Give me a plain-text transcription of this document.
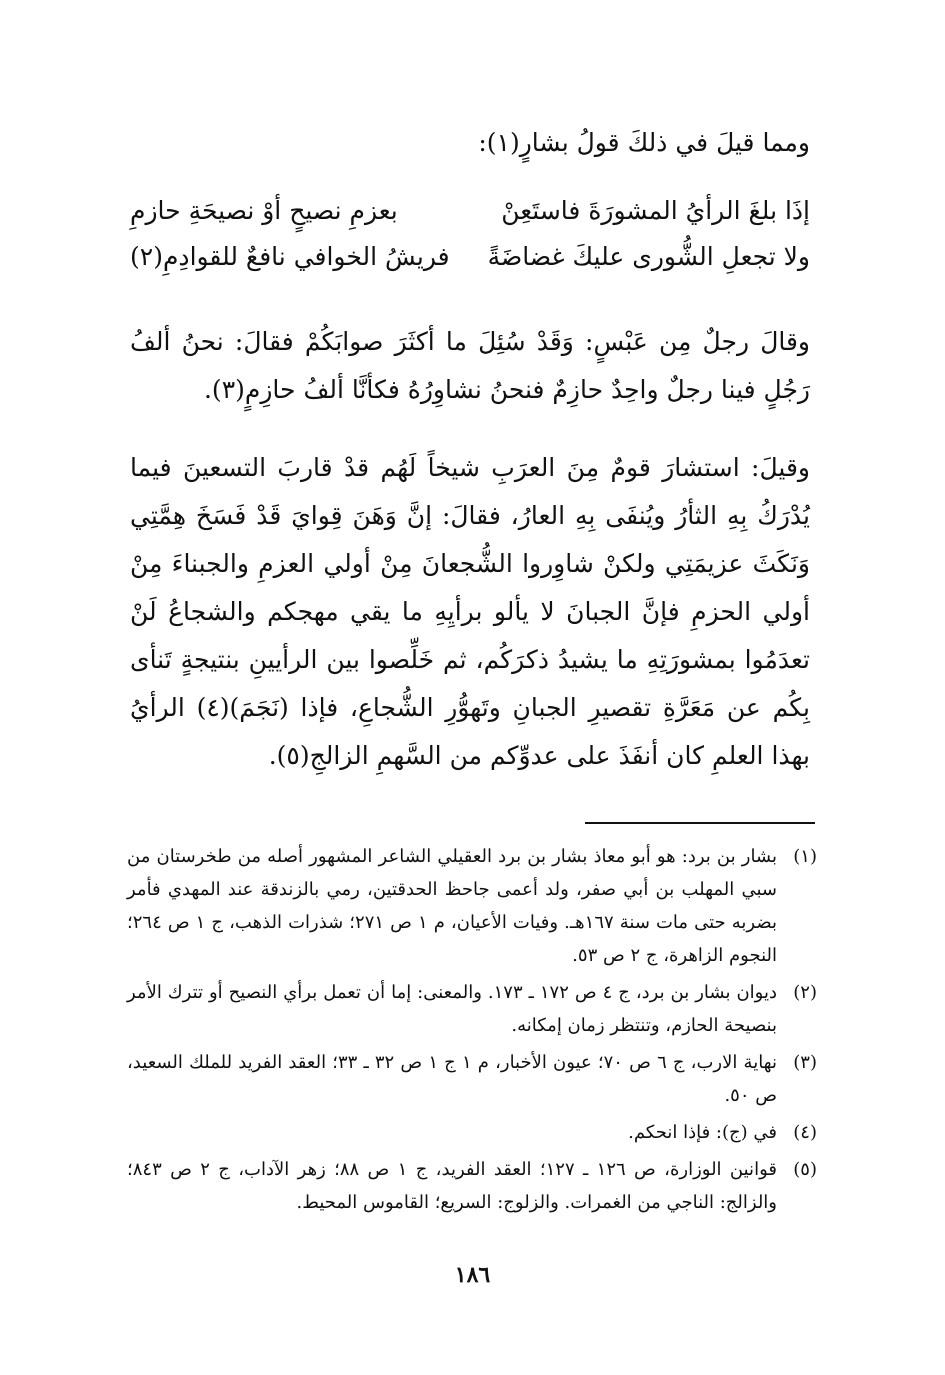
ومما قيلَ في ذلكَ قولُ بشارٍ(١):
إذَا بلغَ الرأيُ المشورَةَ فاستَعِنْ
بعزمِ نصيحٍ أوْ نصيحَةِ حازمِ
ولا تجعلِ الشُّورى عليكَ غضاضَةً
فريشُ الخوافي نافعٌ للقوادِمِ(٢)

وقالَ رجلٌ مِن عَبْسٍ: وَقَدْ سُئِلَ ما أكثَرَ صوابَكُمْ فقالَ: نحنُ ألفُ رَجُلٍ فينا رجلٌ واحِدٌ حازِمٌ فنحنُ نشاوِرُهُ فكأنَّا ألفُ حازِمٍ(٣).

وقيلَ: استشارَ قومٌ مِنَ العرَبِ شيخاً لَهُم قدْ قاربَ التسعينَ فيما يُدْرَكُ بِهِ الثأرُ ويُنفَى بِهِ العارُ، فقالَ: إنَّ وَهَنَ قِوايَ قَدْ فَسَخَ هِمَّتِي وَنَكَثَ عزيمَتِي ولكنْ شاوِروا الشُّجعانَ مِنْ أولي العزمِ والجبناءَ مِنْ أولي الحزمِ فإنَّ الجبانَ لا يألو برأيِهِ ما يقي مهجكم والشجاعُ لَنْ تعدَمُوا بمشورَتِهِ ما يشيدُ ذكرَكُم، ثم خَلِّصوا بين الرأيينِ بنتيجةٍ تَنأى بِكُم عن مَعَرَّةِ تقصيرِ الجبانِ وتَهوُّرِ الشُّجاعِ، فإذا (نَجَمَ)(٤) الرأيُ بهذا العلمِ كان أنفَذَ على عدوِّكم من السَّهمِ الزالجِ(٥).

(١)
بشار بن برد: هو أبو معاذ بشار بن برد العقيلي الشاعر المشهور أصله من طخرستان من سبي المهلب بن أبي صفر، ولد أعمى جاحظ الحدقتين، رمي بالزندقة عند المهدي فأمر بضربه حتى مات سنة ١٦٧هـ. وفيات الأعيان، م ١ ص ٢٧١؛ شذرات الذهب، ج ١ ص ٢٦٤؛ النجوم الزاهرة، ج ٢ ص ٥٣.
(٢)
ديوان بشار بن برد، ج ٤ ص ١٧٢ ـ ١٧٣. والمعنى: إما أن تعمل برأي النصيح أو تترك الأمر بنصيحة الحازم، وتنتظر زمان إمكانه.
(٣)
نهاية الارب، ج ٦ ص ٧٠؛ عيون الأخبار، م ١ ج ١ ص ٣٢ ـ ٣٣؛ العقد الفريد للملك السعيد، ص ٥٠.
(٤)
في (ج): فإذا انحكم.
(٥)
قوانين الوزارة، ص ١٢٦ ـ ١٢٧؛ العقد الفريد، ج ١ ص ٨٨؛ زهر الآداب، ج ٢ ص ٨٤٣؛ والزالج: الناجي من الغمرات. والزلوج: السريع؛ القاموس المحيط.
١٨٦
